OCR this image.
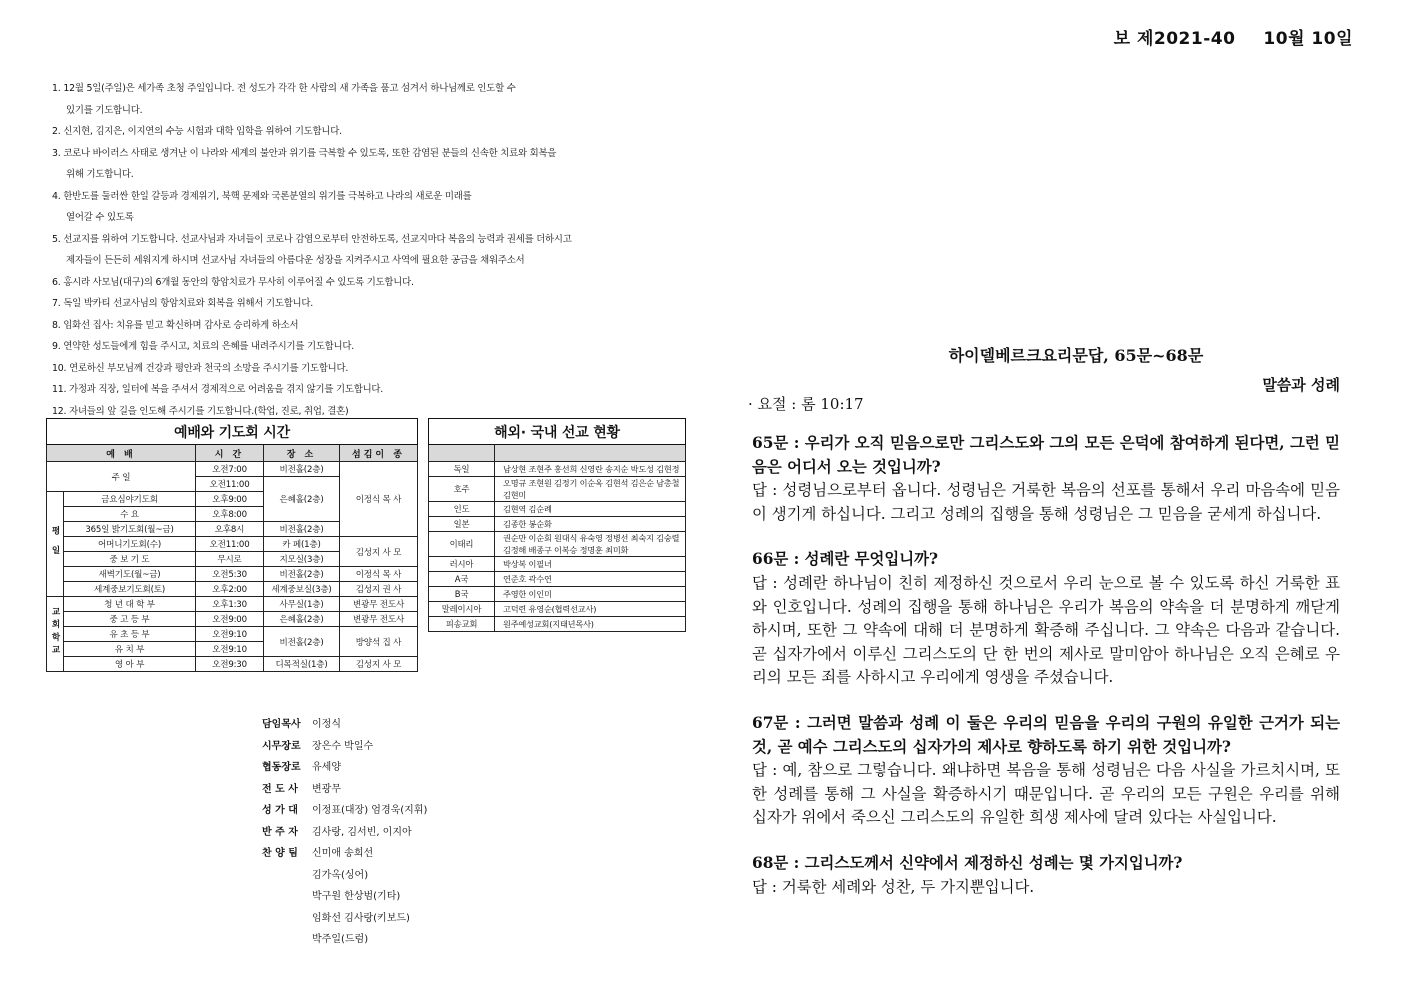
보 제2021-40 10월 10일
1. 12월 5일(주일)은 세가족 초청 주일입니다. 전 성도가 각각 한 사람의 새 가족을 품고 섬겨서 하나님께로 인도할 수
있기를 기도합니다.
2. 신지현, 김지은, 이지연의 수능 시험과 대학 입학을 위하여 기도합니다.
3. 코로나 바이러스 사태로 생겨난 이 나라와 세계의 불안과 위기를 극복할 수 있도록, 또한 감염된 분들의 신속한 치료와 회복을
위해 기도합니다.
4. 한반도를 둘러싼 한일 갈등과 경제위기, 북핵 문제와 국론분열의 위기를 극복하고 나라의 새로운 미래를
열어갈 수 있도록
5. 선교지를 위하여 기도합니다. 선교사님과 자녀들이 코로나 감염으로부터 안전하도록, 선교지마다 복음의 능력과 권세를 더하시고
제자들이 든든히 세워지게 하시며 선교사님 자녀들의 아름다운 성장을 지켜주시고 사역에 필요한 공급을 채워주소서
6. 홍시라 사모님(대구)의 6개월 동안의 항암치료가 무사히 이루어질 수 있도록 기도합니다.
7. 독일 박카티 선교사님의 항암치료와 회복을 위해서 기도합니다.
8. 임화선 집사: 치유를 믿고 확신하며 감사로 승리하게 하소서
9. 연약한 성도들에게 힘을 주시고, 치료의 은혜를 내려주시기를 기도합니다.
10. 연로하신 부모님께 건강과 평안과 천국의 소망을 주시기를 기도합니다.
11. 가정과 직장, 일터에 복을 주셔서 경제적으로 어려움을 겪지 않기를 기도합니다.
12. 자녀들의 앞 길을 인도해 주시기를 기도합니다.(학업, 진로, 취업, 결혼)
예배와 기도회 시간				
예 배		시 간	장 소	섬김이 종
주 일		오전7:00	비전홀(2층)	이정식 목 사
		오전11:00	은혜홀(2층)	
평 일	금요심야기도회	오후9:00		
	수 요	오후8:00		
	365일 밝기도회(월~금)	오후8시	비전홀(2층)	
	어머니기도회(수)	오전11:00	카 페(1층)	김성지 사 모
	중 보 기 도	무시로	지모실(3층)	
	새벽기도(월~금)	오전5:30	비전홀(2층)	이정식 목 사
	세계중보기도회(토)	오후2:00	세계중보실(3층)	김성지 권 사
교회학교	청 년 대 학 부	오후1:30	사무실(1층)	변광무 전도사
	중 고 등 부	오전9:00	은혜홀(2층)	변광무 전도사
	유 초 등 부	오전9:10	비전홀(2층)	방양석 집 사
	유 치 부	오전9:10		
	영 아 부	오전9:30	디목적실(1층)	김성지 사 모
해외· 국내 선교 현황	

독일	남상현 조현주 홍선희 신영란 송지순 박도성 김현정
호주	오명규 조현원 김정기 이순옥 김현석 김은순 남총철 김현미
인도	김현역 김순례
일본	김종한 봉순화
이태리	권순만 이순회 원대식 유숙영 정병선 최숙지 김숭렬 김정해 배종구 이복승 정명훈 최미화
러시아	박상복 이필녀
A국	연준호 곽수연
B국	주영한 이인미
말레이시아	고덕련 유영순(협력선교사)
피송교회	원주예성교회(지태년목사)
담임목사	이정식
시무장로	장은수 박일수
협동장로	유세양
전 도 사	변광무
성 가 대	이정표(대장) 엄경욱(지휘)
반 주 자	김사랑, 김서빈, 이지아
찬 양 팀	신미애 송희선
김가옥(싱어)
박구원 한상범(기타)
임화선 김사랑(키보드)
박주일(드럼)
하이델베르크요리문답, 65문~68문
말씀과 성례
· 요절 : 롬 10:17
65문 : 우리가 오직 믿음으로만 그리스도와 그의 모든 은덕에 참여하게 된다면, 그런 믿음은 어디서 오는 것입니까?
답 : 성령님으로부터 옵니다. 성령님은 거룩한 복음의 선포를 통해서 우리 마음속에 믿음이 생기게 하십니다. 그리고 성례의 집행을 통해 성령님은 그 믿음을 굳세게 하십니다.
66문 : 성례란 무엇입니까?
답 : 성례란 하나님이 친히 제정하신 것으로서 우리 눈으로 볼 수 있도록 하신 거룩한 표와 인호입니다. 성례의 집행을 통해 하나님은 우리가 복음의 약속을 더 분명하게 깨닫게 하시며, 또한 그 약속에 대해 더 분명하게 확증해 주십니다. 그 약속은 다음과 같습니다. 곧 십자가에서 이루신 그리스도의 단 한 번의 제사로 말미암아 하나님은 오직 은혜로 우리의 모든 죄를 사하시고 우리에게 영생을 주셨습니다.
67문 : 그러면 말씀과 성례 이 둘은 우리의 믿음을 우리의 구원의 유일한 근거가 되는 것, 곧 예수 그리스도의 십자가의 제사로 향하도록 하기 위한 것입니까?
답 : 예, 참으로 그렇습니다. 왜냐하면 복음을 통해 성령님은 다음 사실을 가르치시며, 또한 성례를 통해 그 사실을 확증하시기 때문입니다. 곧 우리의 모든 구원은 우리를 위해 십자가 위에서 죽으신 그리스도의 유일한 희생 제사에 달려 있다는 사실입니다.
68문 : 그리스도께서 신약에서 제정하신 성례는 몇 가지입니까?
답 : 거룩한 세례와 성찬, 두 가지뿐입니다.
